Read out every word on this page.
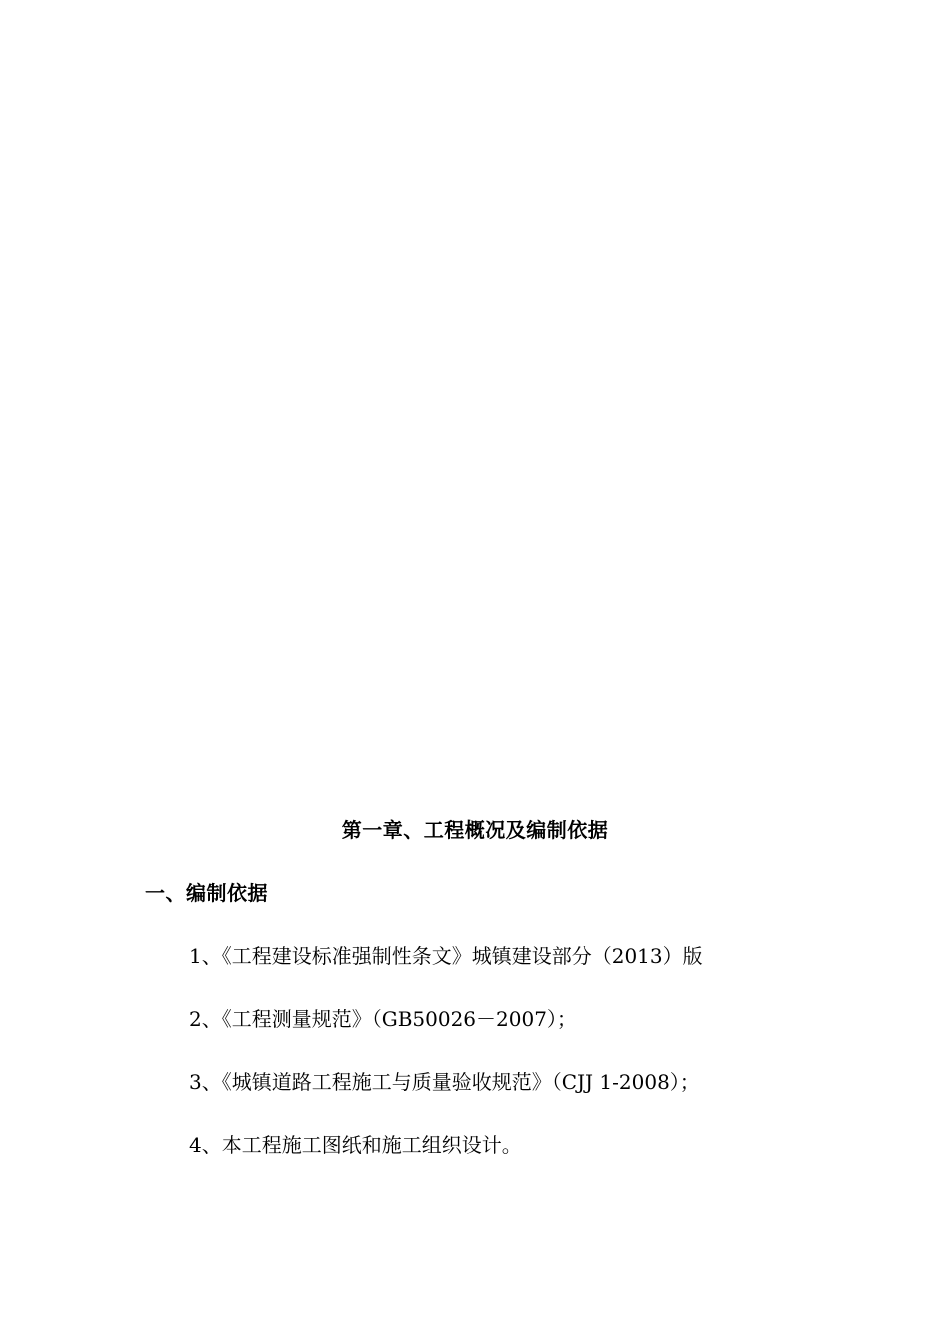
第一章、工程概况及编制依据
一、编制依据
1、《工程建设标准强制性条文》城镇建设部分（2013）版
2、《工程测量规范》（GB50026－2007）；
3、《城镇道路工程施工与质量验收规范》（CJJ 1-2008）；
4、本工程施工图纸和施工组织设计。
